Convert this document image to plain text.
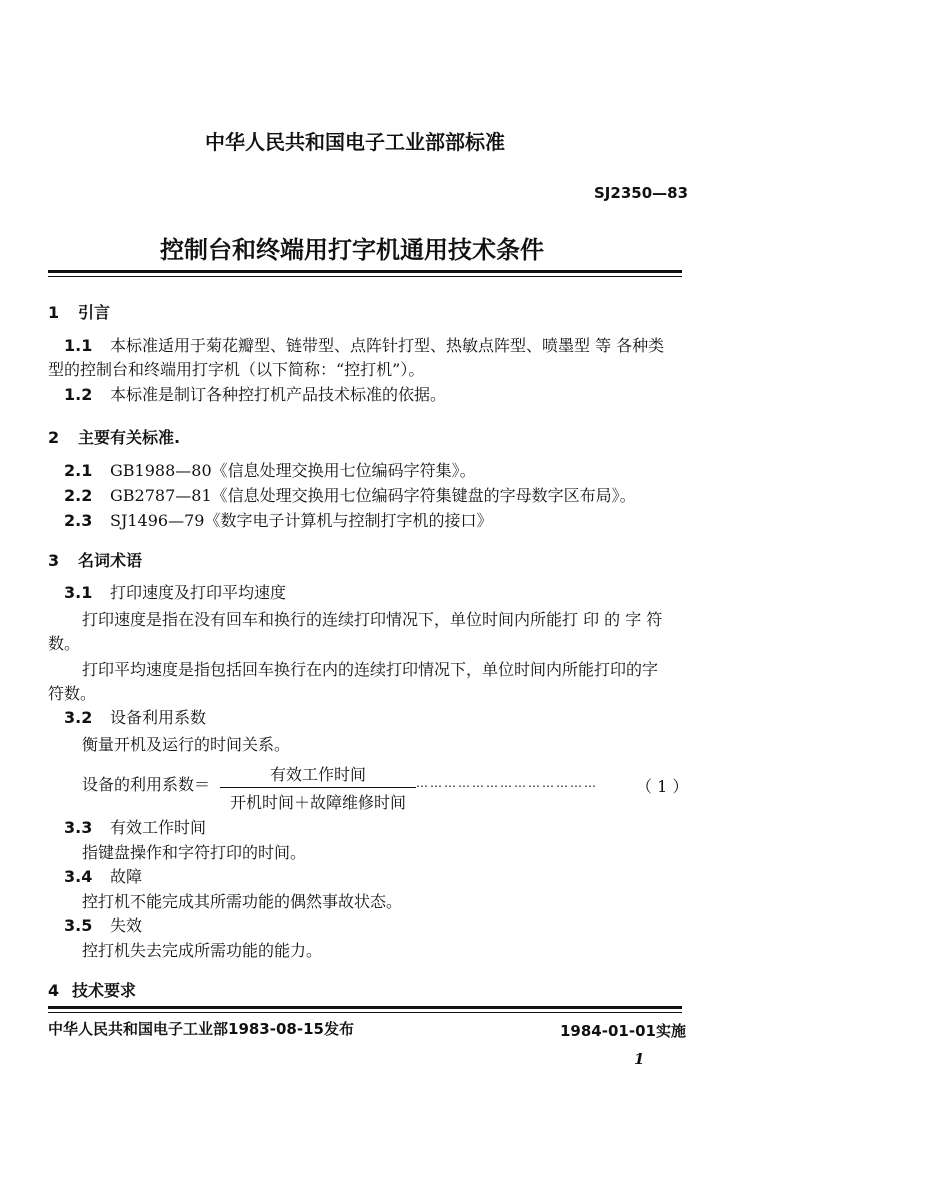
中华人民共和国电子工业部部标准
SJ2350—83
控制台和终端用打字机通用技术条件
1 引言
1.1 本标准适用于菊花瓣型、链带型、点阵针打型、热敏点阵型、喷墨型 等 各种类
型的控制台和终端用打字机（以下简称：“控打机”）。
1.2 本标准是制订各种控打机产品技术标准的依据。
2 主要有关标准.
2.1 GB1988—80《信息处理交换用七位编码字符集》。
2.2 GB2787—81《信息处理交换用七位编码字符集键盘的字母数字区布局》。
2.3 SJ1496—79《数字电子计算机与控制打字机的接口》
3 名词术语
3.1 打印速度及打印平均速度
打印速度是指在没有回车和换行的连续打印情况下，单位时间内所能打 印 的 字 符
数。
打印平均速度是指包括回车换行在内的连续打印情况下，单位时间内所能打印的字
符数。
3.2 设备利用系数
衡量开机及运行的时间关系。
设备的利用系数＝
有效工作时间
开机时间＋故障维修时间
…………………………………	（ 1 ）
3.3 有效工作时间
指键盘操作和字符打印的时间。
3.4 故障
控打机不能完成其所需功能的偶然事故状态。
3.5 失效
控打机失去完成所需功能的能力。
4 技术要求
中华人民共和国电子工业部1983-08-15发布	1984-01-01实施
1
